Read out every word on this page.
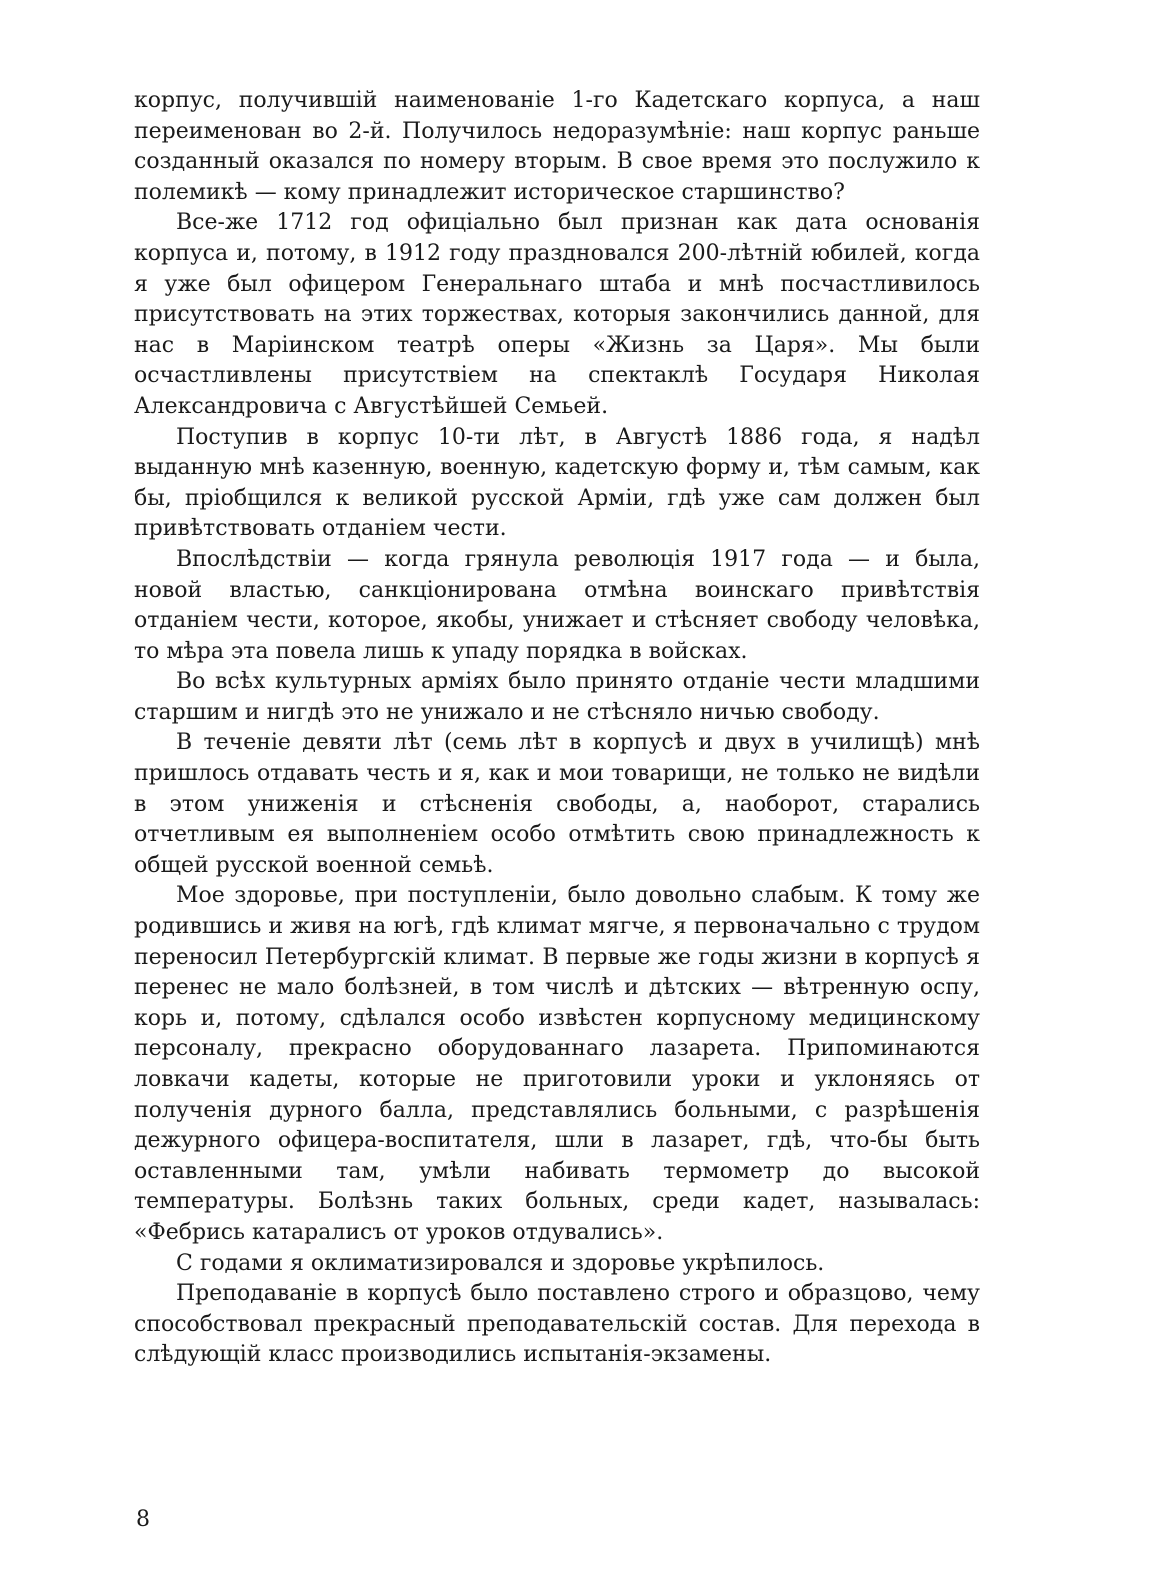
корпус, получившій наименованіе 1-го Кадетскаго корпуса, а наш переименован во 2-й. Получилось недоразумѣніе: наш корпус раньше созданный оказался по номеру вторым. В свое время это послужило к полемикѣ — кому принадлежит историческое старшинство?

Все-же 1712 год офиціально был признан как дата основанія корпуса и, потому, в 1912 году праздновался 200-лѣтній юбилей, когда я уже был офицером Генеральнаго штаба и мнѣ посчастливилось присутствовать на этих торжествах, которыя закончились данной, для нас в Маріинском театрѣ оперы «Жизнь за Царя». Мы были осчастливлены присутствіем на спектаклѣ Государя Николая Александровича с Августѣйшей Семьей.

Поступив в корпус 10-ти лѣт, в Августѣ 1886 года, я надѣл выданную мнѣ казенную, военную, кадетскую форму и, тѣм самым, как бы, пріобщился к великой русской Арміи, гдѣ уже сам должен был привѣтствовать отданіем чести.

Впослѣдствіи — когда грянула революція 1917 года — и была, новой властью, санкціонирована отмѣна воинскаго привѣтствія отданіем чести, которое, якобы, унижает и стѣсняет свободу человѣка, то мѣра эта повела лишь к упаду порядка в войсках.

Во всѣх культурных арміях было принято отданіе чести младшими старшим и нигдѣ это не унижало и не стѣсняло ничью свободу.

В теченіе девяти лѣт (семь лѣт в корпусѣ и двух в училищѣ) мнѣ пришлось отдавать честь и я, как и мои товарищи, не только не видѣли в этом униженія и стѣсненія свободы, а, наоборот, старались отчетливым ея выполненіем особо отмѣтить свою принадлежность к общей русской военной семьѣ.

Мое здоровье, при поступленіи, было довольно слабым. К тому же родившись и живя на югѣ, гдѣ климат мягче, я первоначально с трудом переносил Петербургскій климат. В первые же годы жизни в корпусѣ я перенес не мало болѣзней, в том числѣ и дѣтских — вѣтренную оспу, корь и, потому, сдѣлался особо извѣстен корпусному медицинскому персоналу, прекрасно оборудованнаго лазарета. Припоминаются ловкачи кадеты, которые не приготовили уроки и уклоняясь от полученія дурного балла, представлялись больными, с разрѣшенія дежурного офицера-воспитателя, шли в лазарет, гдѣ, что-бы быть оставленными там, умѣли набивать термометр до высокой температуры. Болѣзнь таких больных, среди кадет, называлась: «Фебрись катаралисъ от уроков отдувались».

С годами я оклиматизировался и здоровье укрѣпилось.

Преподаваніе в корпусѣ было поставлено строго и образцово, чему способствовал прекрасный преподавательскій состав. Для перехода в слѣдующій класс производились испытанія-экзамены.

8
